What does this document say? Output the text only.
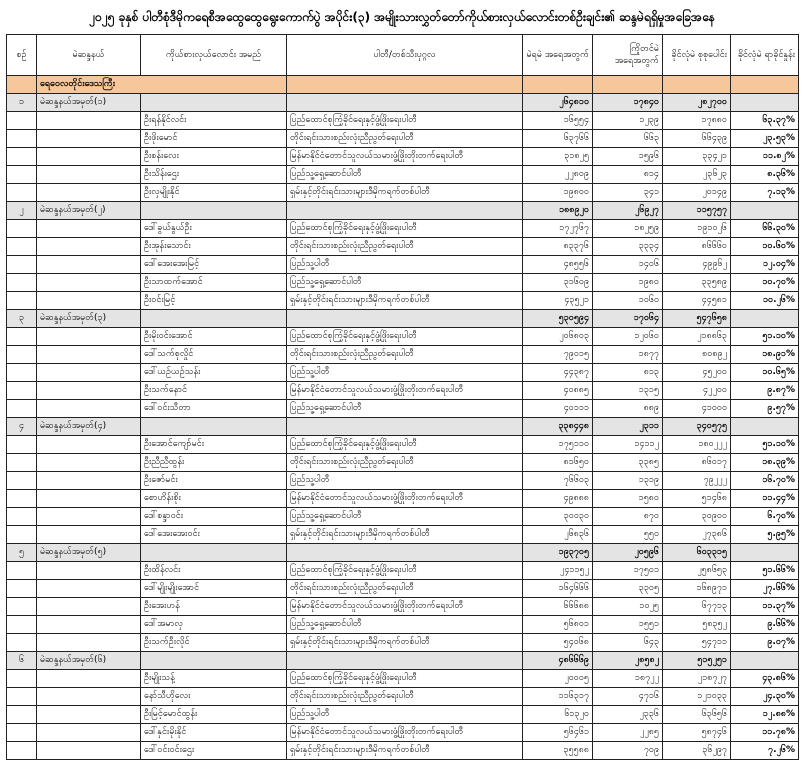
၂၀၂၅ ခုနှစ် ပါတီစုံဒီမိုကရေစီအထွေထွေရွေးကောက်ပွဲ အပိုင်း(၃) အမျိုးသားလွှတ်တော်ကိုယ်စားလှယ်လောင်းတစ်ဦးချင်း၏ ဆန္ဒမဲရရှိမှုအခြေအနေ
စဉ်	မဲဆန္ဒနယ်	ကိုယ်စားလှယ်လောင်း အမည်	ပါတီ/တစ်သီးပုဂ္ဂလ	မဲရမဲ အရေအတွက်	ကြိုတင်မဲ အရေအတွက်	ခိုင်လုံမဲ စုစုပေါင်း	ခိုင်လုံမဲ ရာခိုင်နှုန်း
	ရေဝေလတိုင်းဒေသကြီး						
၁	မဲဆန္ဒနယ်အမှတ်(၁)			၂၆၄၈၁၀	၁၇၈၄၀	၂၈၂၇၀၀	
		ဦးရန်နိုင်လင်း	ပြည်ထောင်စုကြံ့ခိုင်ရေးနှင့်ဖွံ့ဖြိုးရေးပါတီ	၁၆၅၅၄	၁၂၃၉	၁၇၈၈၀	၆၃.၃၇%
		ဦးဖိုးမောင်	တိုင်းရင်းသားစည်းလုံးညီညွတ်ရေးပါတီ	၆၃၇၆၆	၆၆၃	၆၆၄၃၉	၂၃.၅၃%
		ဦးစန်းလေး	မြန်မာနိုင်ငံတောင်သူလယ်သမားဖွံ့ဖြိုးတိုးတက်ရေးပါတီ	၃၁၈၂၅	၁၅၉၆	၃၃၄၂၁	၁၁.၈၂%
		ဦးသိန်းဌေး	ပြည်သူ့ရှေ့ဆောင်ပါတီ	၂၂၈၀၉	၈၁၄	၂၃၆၂၃	၈.၃၆%
		ဦးလှမျိုးနိုင်	ရှမ်းနှင့်တိုင်းရင်းသားများဒီမိုကရက်တစ်ပါတီ	၁၉၈၀၀	၃၄၁	၂၀၁၄၉	၇.၁၃%
၂	မဲဆန္ဒနယ်အမှတ်(၂)			၁၈၈၉၂၀	၂၆၉၂၇	၁၁၅၇၅၇	
		ဒေါ်ခွယ်နွယ်ဦး	ပြည်ထောင်စုကြံ့ခိုင်ရေးနှင့်ဖွံ့ဖြိုးရေးပါတီ	၁၇၂၇၆၇	၁၈၂၅၉	၁၉၁၀၂၆	၆၆.၃၀%
		ဦးအုန်းသောင်း	တိုင်းရင်းသားစည်းလုံးညီညွတ်ရေးပါတီ	၈၃၃၇၆	၃၃၃၄	၈၆၆၆၀	၁၀.၆၀%
		ဒေါ်အေးအေးမြင့်	ပြည်သူ့ပါတီ	၄၈၅၅၆	၁၄၀၆	၄၉၉၆၂	၁၂.၀၄%
		ဦးသာထက်အောင်	ပြည်သူ့ရှေ့ဆောင်ပါတီ	၃၁၆၀၉	၁၉၈၀	၃၃၅၈၉	၁၀.၇၀%
		ဦးဝင်းမြင့်	ရှမ်းနှင့်တိုင်းရင်းသားများဒီမိုကရက်တစ်ပါတီ	၄၃၅၂၁	၁၀၆၀	၄၄၅၈၁	၁၀.၂၆%
၃	မဲဆန္ဒနယ်အမှတ်(၃)			၅၃၀၅၉၄	၁၇၀၆၄	၅၄၇၆၅၈	
		ဦးမိုးဝင်းအောင်	ပြည်ထောင်စုကြံ့ခိုင်ရေးနှင့်ဖွံ့ဖြိုးရေးပါတီ	၂၀၆၈၀၃	၁၂၀၆၀	၂၁၈၈၆၃	၅၁.၁၀%
		ဒေါ်သက်စုလှိုင်	တိုင်းရင်းသားစည်းလုံးညီညွတ်ရေးပါတီ	၇၉၀၁၅	၁၈၇၇	၈၀၈၉၂	၁၈.၉၁%
		ဒေါ်ယဉ်ယဉ်သန်း	ပြည်သူ့ပါတီ	၄၄၃၈၇	၈၁၃	၄၅၂၀၀	၁၀.၆၅%
		ဦးသက်နောင်	မြန်မာနိုင်ငံတောင်သူလယ်သမားဖွံ့ဖြိုးတိုးတက်ရေးပါတီ	၄၀၈၈၅	၁၃၁၅	၄၂၂၀၀	၉.၈၇%
		ဒေါ်ဝင်းသီတာ	ပြည်သူ့ရှေ့ဆောင်ပါတီ	၄၀၁၁၁	၈၈၉	၄၁၀၀၀	၉.၅၇%
၄	မဲဆန္ဒနယ်အမှတ်(၄)			၃၃၈၄၄၈	၂၃၁၁	၃၄၀၅၇၅	
		ဦးအောင်ကျော်မင်း	ပြည်ထောင်စုကြံ့ခိုင်ရေးနှင့်ဖွံ့ဖြိုးရေးပါတီ	၁၇၅၁၁၀	၁၄၁၁၂	၁၈၀၂၂၂	၅၁.၁၀%
		ဦးညီညီထွန်း	တိုင်းရင်းသားစည်းလုံးညီညွတ်ရေးပါတီ	၈၁၆၅၀	၃၃၈၅	၈၆၀၁၇	၁၈.၃၉%
		ဦးဇော်မင်း	ပြည်သူ့ပါတီ	၇၆၆၀၃	၁၃၁၉	၇၉၂၂၂	၁၆.၇၀%
		စောဟိန်းစိုး	မြန်မာနိုင်ငံတောင်သူလယ်သမားဖွံ့ဖြိုးတိုးတက်ရေးပါတီ	၄၉၈၈၈	၁၅၈၀	၅၁၄၆၈	၁၁.၄၄%
		ဒေါ်စန္ဒာဝင်း	ပြည်သူ့ရှေ့ဆောင်ပါတီ	၃၀၀၃၀	၈၇၀	၃၀၉၀၀	၆.၇၀%
		ဒေါ်အေးအေးဝင်း	ရှမ်းနှင့်တိုင်းရင်းသားများဒီမိုကရက်တစ်ပါတီ	၂၆၈၃၆	၅၅၀	၂၇၃၈၆	၅.၉၅%
၅	မဲဆန္ဒနယ်အမှတ်(၅)			၁၉၃၇၀၅	၂၀၅၉၆	၆၀၃၃၁၅	
		ဦးထိန်လင်း	ပြည်ထောင်စုကြံ့ခိုင်ရေးနှင့်ဖွံ့ဖြိုးရေးပါတီ	၂၄၁၁၅၂	၁၇၅၀၁	၂၅၈၆၅၃	၅၁.၆၆%
		ဒေါ်မျိုးမျိုးအောင်	တိုင်းရင်းသားစည်းလုံးညီညွတ်ရေးပါတီ	၁၆၄၆၆၆	၃၃၀၅	၁၆၈၉၇၁	၂၇.၆၆%
		ဦးအေးဟန်	မြန်မာနိုင်ငံတောင်သူလယ်သမားဖွံ့ဖြိုးတိုးတက်ရေးပါတီ	၆၆၆၈၈	၁၀၂၅	၆၇၇၁၃	၁၁.၃၇%
		ဒေါ်အမာလှ	ပြည်သူ့ရှေ့ဆောင်ပါတီ	၅၆၈၀၁	၁၅၅၁	၅၈၃၅၂	၉.၆၆%
		ဦးသက်ဦးလိုင်	ရှမ်းနှင့်တိုင်းရင်းသားများဒီမိုကရက်တစ်ပါတီ	၅၄၀၆၈	၆၄၃	၅၄၇၁၁	၉.၀၇%
၆	မဲဆန္ဒနယ်အမှတ်(၆)			၄၈၆၆၆၉	၂၈၅၈၂	၅၁၅၂၅၁	
		ဦးမျိုးသန့်	ပြည်ထောင်စုကြံ့ခိုင်ရေးနှင့်ဖွံ့ဖြိုးရေးပါတီ	၂၀၀၀၅	၁၈၇၂၂	၂၁၈၇၂၇	၄၃.၈၆%
		နော်သီဟိုလေး	တိုင်းရင်းသားစည်းလုံးညီညွတ်ရေးပါတီ	၁၁၆၃၁၇	၄၇၁၆	၁၂၁၀၃၃	၂၄.၃၀%
		ဦးမြင့်မောင်ထွန်း	ပြည်သူ့ပါတီ	၆၁၃၂၀	၂၃၃၆	၆၃၆၅၆	၁၂.၈၈%
		ဒေါ်နှင်းမိုးနိုင်	မြန်မာနိုင်ငံတောင်သူလယ်သမားဖွံ့ဖြိုးတိုးတက်ရေးပါတီ	၅၆၄၆၁	၂၂၈၅	၅၈၇၄၆	၁၁.၇၈%
		ဒေါ်ဝင်းဝင်းဌေး	ရှမ်းနှင့်တိုင်းရင်းသားများဒီမိုကရက်တစ်ပါတီ	၃၅၅၈၈	၇၀၉	၃၆၂၉၇	၇.၂၆%
